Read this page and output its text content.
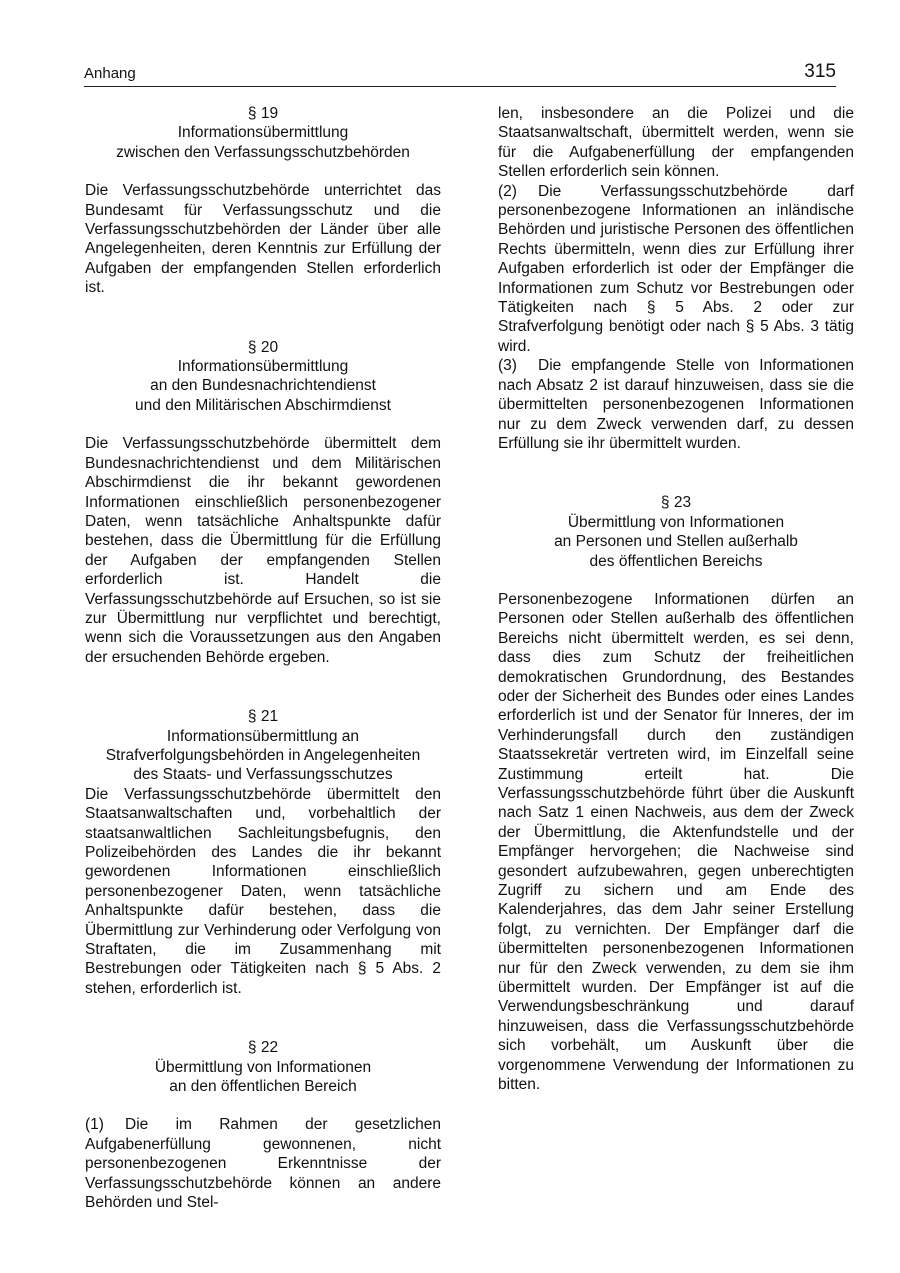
Anhang	315
§ 19
Informationsübermittlung
zwischen den Verfassungsschutzbehörden

Die Verfassungsschutzbehörde unterrichtet das Bundesamt für Verfassungsschutz und die Verfassungsschutzbehörden der Länder über alle Angelegenheiten, deren Kenntnis zur Erfüllung der Aufgaben der empfangenden Stellen erforderlich ist.

§ 20
Informationsübermittlung
an den Bundesnachrichtendienst
und den Militärischen Abschirmdienst

Die Verfassungsschutzbehörde übermittelt dem Bundesnachrichtendienst und dem Militärischen Abschirmdienst die ihr bekannt gewordenen Informationen einschließlich personenbezogener Daten, wenn tatsächliche Anhaltspunkte dafür bestehen, dass die Übermittlung für die Erfüllung der Aufgaben der empfangenden Stellen erforderlich ist. Handelt die Verfassungsschutzbehörde auf Ersuchen, so ist sie zur Übermittlung nur verpflichtet und berechtigt, wenn sich die Voraussetzungen aus den Angaben der ersuchenden Behörde ergeben.

§ 21
Informationsübermittlung an
Strafverfolgungsbehörden in Angelegenheiten
des Staats- und Verfassungsschutzes

Die Verfassungsschutzbehörde übermittelt den Staatsanwaltschaften und, vorbehaltlich der staatsanwaltlichen Sachleitungsbefugnis, den Polizeibehörden des Landes die ihr bekannt gewordenen Informationen einschließlich personenbezogener Daten, wenn tatsächliche Anhaltspunkte dafür bestehen, dass die Übermittlung zur Verhinderung oder Verfolgung von Straftaten, die im Zusammenhang mit Bestrebungen oder Tätigkeiten nach § 5 Abs. 2 stehen, erforderlich ist.

§ 22
Übermittlung von Informationen
an den öffentlichen Bereich
(1) Die im Rahmen der gesetzlichen Aufgabenerfüllung gewonnenen, nicht personenbezogenen Erkenntnisse der Verfassungsschutzbehörde können an andere Behörden und Stel-

len, insbesondere an die Polizei und die Staatsanwaltschaft, übermittelt werden, wenn sie für die Aufgabenerfüllung der empfangenden Stellen erforderlich sein können.

(2) Die Verfassungsschutzbehörde darf personenbezogene Informationen an inländische Behörden und juristische Personen des öffentlichen Rechts übermitteln, wenn dies zur Erfüllung ihrer Aufgaben erforderlich ist oder der Empfänger die Informationen zum Schutz vor Bestrebungen oder Tätigkeiten nach § 5 Abs. 2 oder zur Strafverfolgung benötigt oder nach § 5 Abs. 3 tätig wird.
(3) Die empfangende Stelle von Informationen nach Absatz 2 ist darauf hinzuweisen, dass sie die übermittelten personenbezogenen Informationen nur zu dem Zweck verwenden darf, zu dessen Erfüllung sie ihr übermittelt wurden.
§ 23
Übermittlung von Informationen
an Personen und Stellen außerhalb
des öffentlichen Bereichs

Personenbezogene Informationen dürfen an Personen oder Stellen außerhalb des öffentlichen Bereichs nicht übermittelt werden, es sei denn, dass dies zum Schutz der freiheitlichen demokratischen Grundordnung, des Bestandes oder der Sicherheit des Bundes oder eines Landes erforderlich ist und der Senator für Inneres, der im Verhinderungsfall durch den zuständigen Staatssekretär vertreten wird, im Einzelfall seine Zustimmung erteilt hat. Die Verfassungsschutzbehörde führt über die Auskunft nach Satz 1 einen Nachweis, aus dem der Zweck der Übermittlung, die Aktenfundstelle und der Empfänger hervorgehen; die Nachweise sind gesondert aufzubewahren, gegen unberechtigten Zugriff zu sichern und am Ende des Kalenderjahres, das dem Jahr seiner Erstellung folgt, zu vernichten. Der Empfänger darf die übermittelten personenbezogenen Informationen nur für den Zweck verwenden, zu dem sie ihm übermittelt wurden. Der Empfänger ist auf die Verwendungsbeschränkung und darauf hinzuweisen, dass die Verfassungsschutzbehörde sich vorbehält, um Auskunft über die vorgenommene Verwendung der Informationen zu bitten.
